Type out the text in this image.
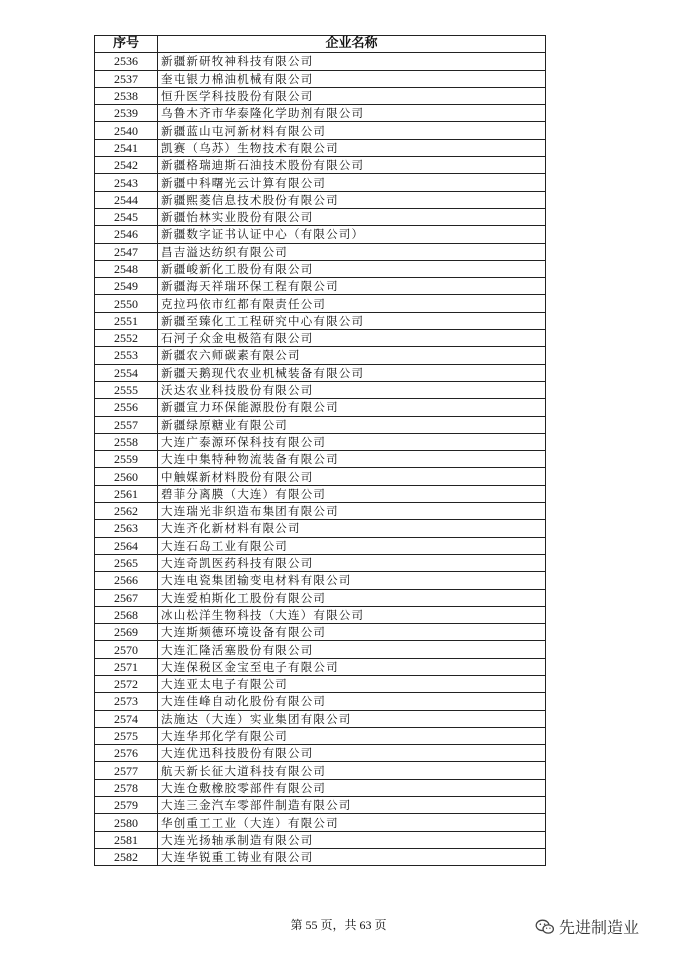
序号	企业名称
2536	新疆新研牧神科技有限公司
2537	奎屯银力棉油机械有限公司
2538	恒升医学科技股份有限公司
2539	乌鲁木齐市华泰隆化学助剂有限公司
2540	新疆蓝山屯河新材料有限公司
2541	凯赛（乌苏）生物技术有限公司
2542	新疆格瑞迪斯石油技术股份有限公司
2543	新疆中科曙光云计算有限公司
2544	新疆熙菱信息技术股份有限公司
2545	新疆怡林实业股份有限公司
2546	新疆数字证书认证中心（有限公司）
2547	昌吉溢达纺织有限公司
2548	新疆峻新化工股份有限公司
2549	新疆海天祥瑞环保工程有限公司
2550	克拉玛依市红都有限责任公司
2551	新疆至臻化工工程研究中心有限公司
2552	石河子众金电极箔有限公司
2553	新疆农六师碳素有限公司
2554	新疆天鹅现代农业机械装备有限公司
2555	沃达农业科技股份有限公司
2556	新疆宣力环保能源股份有限公司
2557	新疆绿原糖业有限公司
2558	大连广泰源环保科技有限公司
2559	大连中集特种物流装备有限公司
2560	中触媒新材料股份有限公司
2561	碧菲分离膜（大连）有限公司
2562	大连瑞光非织造布集团有限公司
2563	大连齐化新材料有限公司
2564	大连石岛工业有限公司
2565	大连奇凯医药科技有限公司
2566	大连电瓷集团输变电材料有限公司
2567	大连爱柏斯化工股份有限公司
2568	冰山松洋生物科技（大连）有限公司
2569	大连斯频德环境设备有限公司
2570	大连汇隆活塞股份有限公司
2571	大连保税区金宝至电子有限公司
2572	大连亚太电子有限公司
2573	大连佳峰自动化股份有限公司
2574	法施达（大连）实业集团有限公司
2575	大连华邦化学有限公司
2576	大连优迅科技股份有限公司
2577	航天新长征大道科技有限公司
2578	大连仓敷橡胶零部件有限公司
2579	大连三金汽车零部件制造有限公司
2580	华创重工工业（大连）有限公司
2581	大连光扬轴承制造有限公司
2582	大连华锐重工铸业有限公司
第 55 页，共 63 页	先进制造业
